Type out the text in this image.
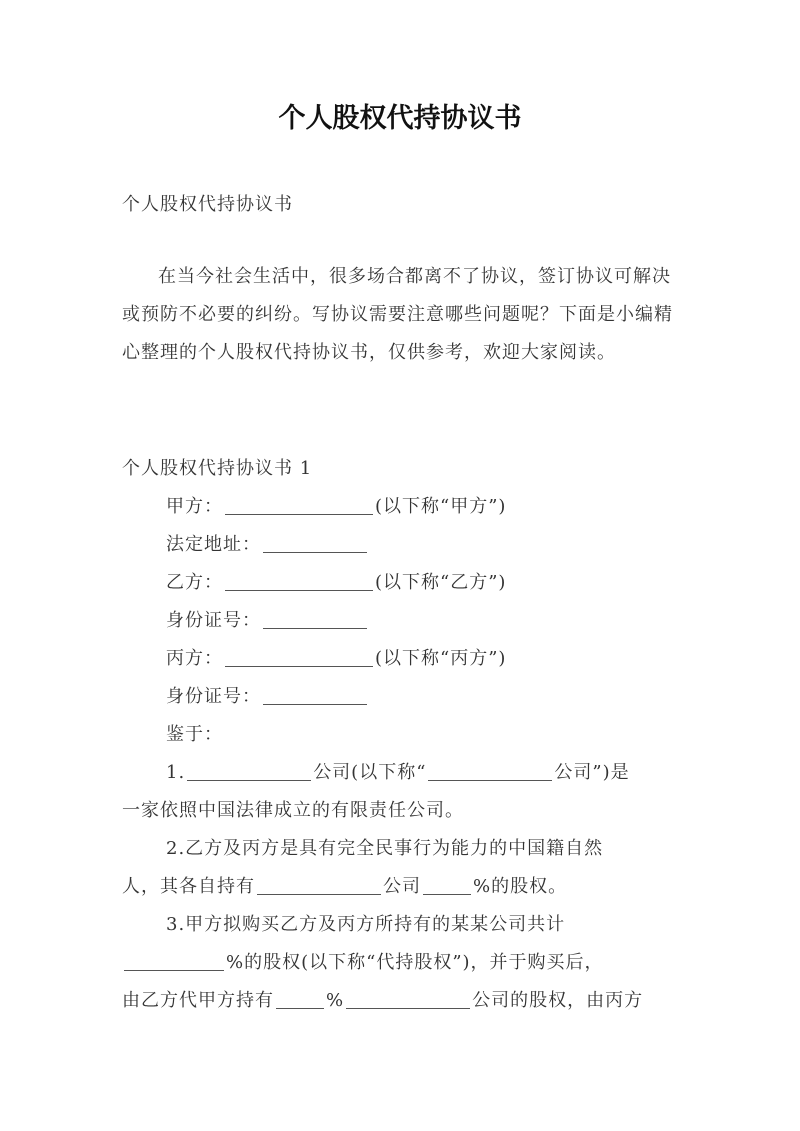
个人股权代持协议书
个人股权代持协议书
在当今社会生活中，很多场合都离不了协议，签订协议可解决或预防不必要的纠纷。写协议需要注意哪些问题呢？下面是小编精心整理的个人股权代持协议书，仅供参考，欢迎大家阅读。
个人股权代持协议书 1
甲方：	(以下称“甲方”)
法定地址：
乙方：	(以下称“乙方”)
身份证号：
丙方：	(以下称“丙方”)
身份证号：
鉴于：
1.	公司(以下称“	公司”)是
一家依照中国法律成立的有限责任公司。
2.乙方及丙方是具有完全民事行为能力的中国籍自然
人，其各自持有	公司	%的股权。
3.甲方拟购买乙方及丙方所持有的某某公司共计
%的股权(以下称“代持股权”)，并于购买后，
由乙方代甲方持有	%	公司的股权，由丙方
